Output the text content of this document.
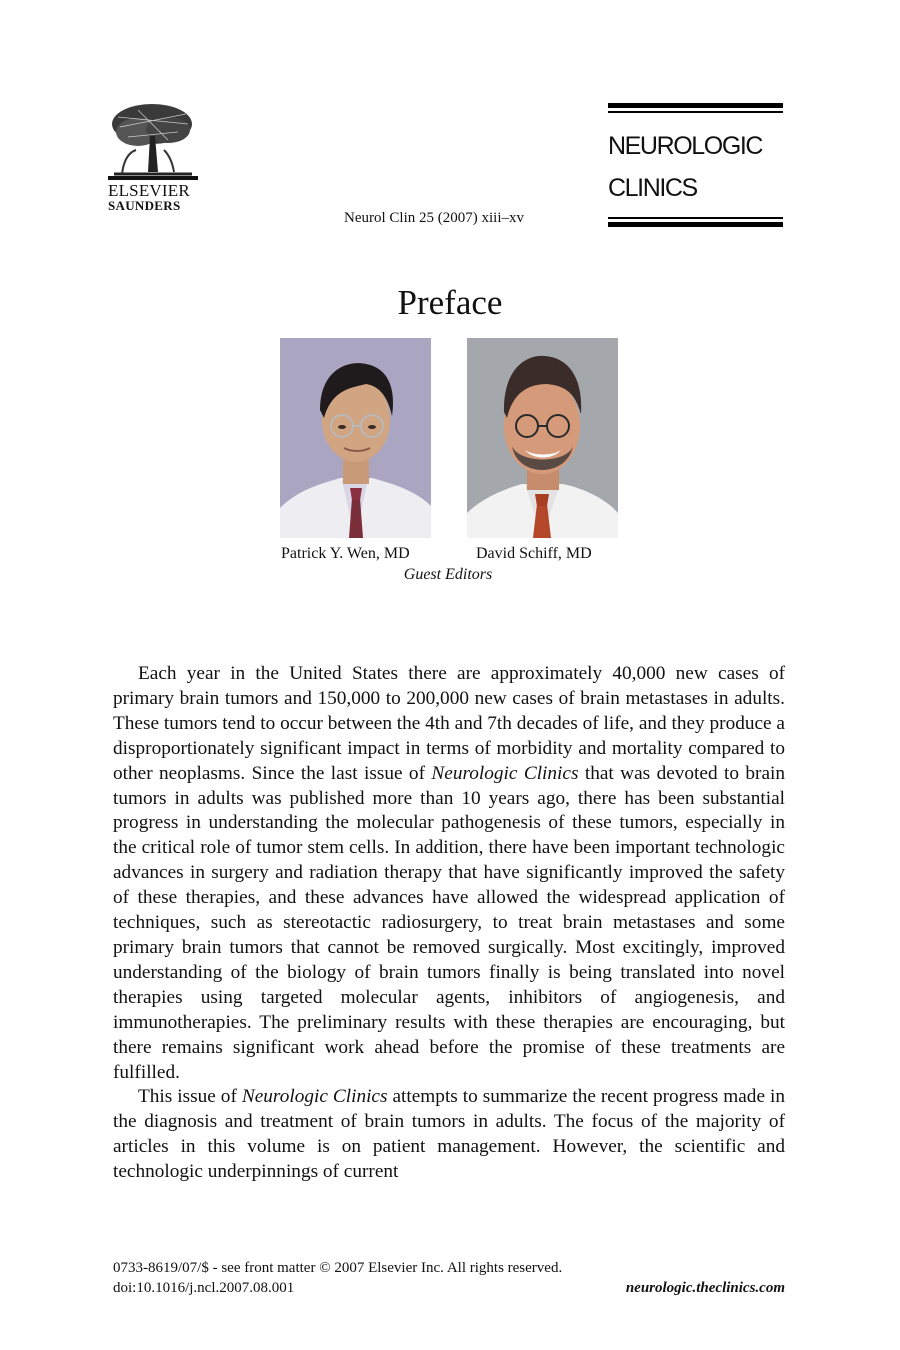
ELSEVIER
SAUNDERS
Neurol Clin 25 (2007) xiii–xv
NEUROLOGIC
CLINICS
Preface
Patrick Y. Wen, MD	David Schiff, MD
Guest Editors

Each year in the United States there are approximately 40,000 new cases of primary brain tumors and 150,000 to 200,000 new cases of brain metastases in adults. These tumors tend to occur between the 4th and 7th decades of life, and they produce a disproportionately significant impact in terms of morbidity and mortality compared to other neoplasms. Since the last issue of Neurologic Clinics that was devoted to brain tumors in adults was published more than 10 years ago, there has been substantial progress in understanding the molecular pathogenesis of these tumors, especially in the critical role of tumor stem cells. In addition, there have been important technologic advances in surgery and radiation therapy that have significantly improved the safety of these therapies, and these advances have allowed the widespread application of techniques, such as stereotactic radiosurgery, to treat brain metastases and some primary brain tumors that cannot be removed surgically. Most excitingly, improved understanding of the biology of brain tumors finally is being translated into novel therapies using targeted molecular agents, inhibitors of angiogenesis, and immunotherapies. The preliminary results with these therapies are encouraging, but there remains significant work ahead before the promise of these treatments are fulfilled.

This issue of Neurologic Clinics attempts to summarize the recent progress made in the diagnosis and treatment of brain tumors in adults. The focus of the majority of articles in this volume is on patient management. However, the scientific and technologic underpinnings of current

0733-8619/07/$ - see front matter © 2007 Elsevier Inc. All rights reserved.
doi:10.1016/j.ncl.2007.08.001	neurologic.theclinics.com
